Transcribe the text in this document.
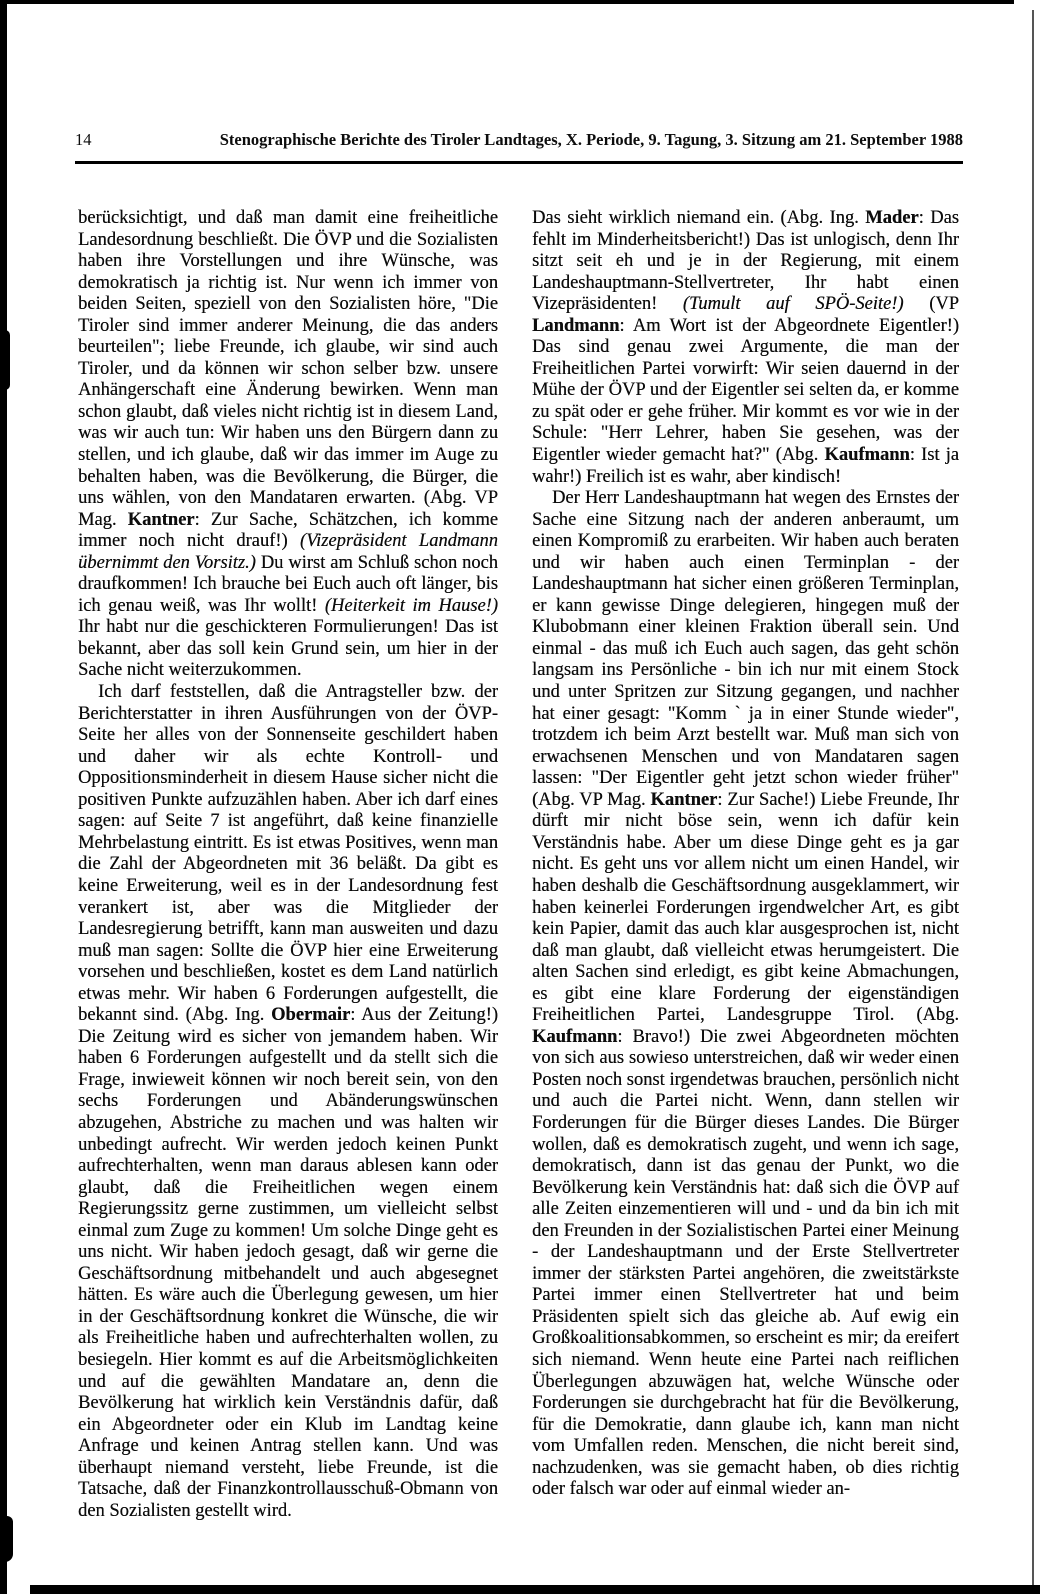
14	Stenographische Berichte des Tiroler Landtages, X. Periode, 9. Tagung, 3. Sitzung am 21. September 1988

berücksichtigt, und daß man damit eine freiheitliche Landesordnung beschließt. Die ÖVP und die Sozialisten haben ihre Vorstellungen und ihre Wünsche, was demokratisch ja richtig ist. Nur wenn ich immer von beiden Seiten, speziell von den Sozialisten höre, "Die Tiroler sind immer anderer Meinung, die das anders beurteilen"; liebe Freunde, ich glaube, wir sind auch Tiroler, und da können wir schon selber bzw. unsere Anhängerschaft eine Änderung bewirken. Wenn man schon glaubt, daß vieles nicht richtig ist in diesem Land, was wir auch tun: Wir haben uns den Bürgern dann zu stellen, und ich glaube, daß wir das immer im Auge zu behalten haben, was die Bevölkerung, die Bürger, die uns wählen, von den Mandataren erwarten. (Abg. VP Mag. Kantner: Zur Sache, Schätzchen, ich komme immer noch nicht drauf!) (Vizepräsident Landmann übernimmt den Vorsitz.) Du wirst am Schluß schon noch draufkommen! Ich brauche bei Euch auch oft länger, bis ich genau weiß, was Ihr wollt! (Heiterkeit im Hause!) Ihr habt nur die geschickteren Formulierungen! Das ist bekannt, aber das soll kein Grund sein, um hier in der Sache nicht weiterzukommen.

Ich darf feststellen, daß die Antragsteller bzw. der Berichterstatter in ihren Ausführungen von der ÖVP-Seite her alles von der Sonnenseite geschildert haben und daher wir als echte Kontroll- und Oppositionsminderheit in diesem Hause sicher nicht die positiven Punkte aufzuzählen haben. Aber ich darf eines sagen: auf Seite 7 ist angeführt, daß keine finanzielle Mehrbelastung eintritt. Es ist etwas Positives, wenn man die Zahl der Abgeordneten mit 36 beläßt. Da gibt es keine Erweiterung, weil es in der Landesordnung fest verankert ist, aber was die Mitglieder der Landesregierung betrifft, kann man ausweiten und dazu muß man sagen: Sollte die ÖVP hier eine Erweiterung vorsehen und beschließen, kostet es dem Land natürlich etwas mehr. Wir haben 6 Forderungen aufgestellt, die bekannt sind. (Abg. Ing. Obermair: Aus der Zeitung!) Die Zeitung wird es sicher von jemandem haben. Wir haben 6 Forderungen aufgestellt und da stellt sich die Frage, inwieweit können wir noch bereit sein, von den sechs Forderungen und Abänderungswünschen abzugehen, Abstriche zu machen und was halten wir unbedingt aufrecht. Wir werden jedoch keinen Punkt aufrechterhalten, wenn man daraus ablesen kann oder glaubt, daß die Freiheitlichen wegen einem Regierungssitz gerne zustimmen, um vielleicht selbst einmal zum Zuge zu kommen! Um solche Dinge geht es uns nicht. Wir haben jedoch gesagt, daß wir gerne die Geschäftsordnung mitbehandelt und auch abgesegnet hätten. Es wäre auch die Überlegung gewesen, um hier in der Geschäftsordnung konkret die Wünsche, die wir als Freiheitliche haben und aufrechterhalten wollen, zu besiegeln. Hier kommt es auf die Arbeitsmöglichkeiten und auf die gewählten Mandatare an, denn die Bevölkerung hat wirklich kein Verständnis dafür, daß ein Abgeordneter oder ein Klub im Landtag keine Anfrage und keinen Antrag stellen kann. Und was überhaupt niemand versteht, liebe Freunde, ist die Tatsache, daß der Finanzkontrollausschuß-Obmann von den Sozialisten gestellt wird.

Das sieht wirklich niemand ein. (Abg. Ing. Mader: Das fehlt im Minderheitsbericht!) Das ist unlogisch, denn Ihr sitzt seit eh und je in der Regierung, mit einem Landeshauptmann-Stellvertreter, Ihr habt einen Vizepräsidenten! (Tumult auf SPÖ-Seite!) (VP Landmann: Am Wort ist der Abgeordnete Eigentler!) Das sind genau zwei Argumente, die man der Freiheitlichen Partei vorwirft: Wir seien dauernd in der Mühe der ÖVP und der Eigentler sei selten da, er komme zu spät oder er gehe früher. Mir kommt es vor wie in der Schule: "Herr Lehrer, haben Sie gesehen, was der Eigentler wieder gemacht hat?" (Abg. Kaufmann: Ist ja wahr!) Freilich ist es wahr, aber kindisch!

Der Herr Landeshauptmann hat wegen des Ernstes der Sache eine Sitzung nach der anderen anberaumt, um einen Kompromiß zu erarbeiten. Wir haben auch beraten und wir haben auch einen Terminplan - der Landeshauptmann hat sicher einen größeren Terminplan, er kann gewisse Dinge delegieren, hingegen muß der Klubobmann einer kleinen Fraktion überall sein. Und einmal - das muß ich Euch auch sagen, das geht schön langsam ins Persönliche - bin ich nur mit einem Stock und unter Spritzen zur Sitzung gegangen, und nachher hat einer gesagt: "Komm ` ja in einer Stunde wieder", trotzdem ich beim Arzt bestellt war. Muß man sich von erwachsenen Menschen und von Mandataren sagen lassen: "Der Eigentler geht jetzt schon wieder früher" (Abg. VP Mag. Kantner: Zur Sache!) Liebe Freunde, Ihr dürft mir nicht böse sein, wenn ich dafür kein Verständnis habe. Aber um diese Dinge geht es ja gar nicht. Es geht uns vor allem nicht um einen Handel, wir haben deshalb die Geschäftsordnung ausgeklammert, wir haben keinerlei Forderungen irgendwelcher Art, es gibt kein Papier, damit das auch klar ausgesprochen ist, nicht daß man glaubt, daß vielleicht etwas herumgeistert. Die alten Sachen sind erledigt, es gibt keine Abmachungen, es gibt eine klare Forderung der eigenständigen Freiheitlichen Partei, Landesgruppe Tirol. (Abg. Kaufmann: Bravo!) Die zwei Abgeordneten möchten von sich aus sowieso unterstreichen, daß wir weder einen Posten noch sonst irgendetwas brauchen, persönlich nicht und auch die Partei nicht. Wenn, dann stellen wir Forderungen für die Bürger dieses Landes. Die Bürger wollen, daß es demokratisch zugeht, und wenn ich sage, demokratisch, dann ist das genau der Punkt, wo die Bevölkerung kein Verständnis hat: daß sich die ÖVP auf alle Zeiten einzementieren will und - und da bin ich mit den Freunden in der Sozialistischen Partei einer Meinung - der Landeshauptmann und der Erste Stellvertreter immer der stärksten Partei angehören, die zweitstärkste Partei immer einen Stellvertreter hat und beim Präsidenten spielt sich das gleiche ab. Auf ewig ein Großkoalitionsabkommen, so erscheint es mir; da ereifert sich niemand. Wenn heute eine Partei nach reiflichen Überlegungen abzuwägen hat, welche Wünsche oder Forderungen sie durchgebracht hat für die Bevölkerung, für die Demokratie, dann glaube ich, kann man nicht vom Umfallen reden. Menschen, die nicht bereit sind, nachzudenken, was sie gemacht haben, ob dies richtig oder falsch war oder auf einmal wieder an-
